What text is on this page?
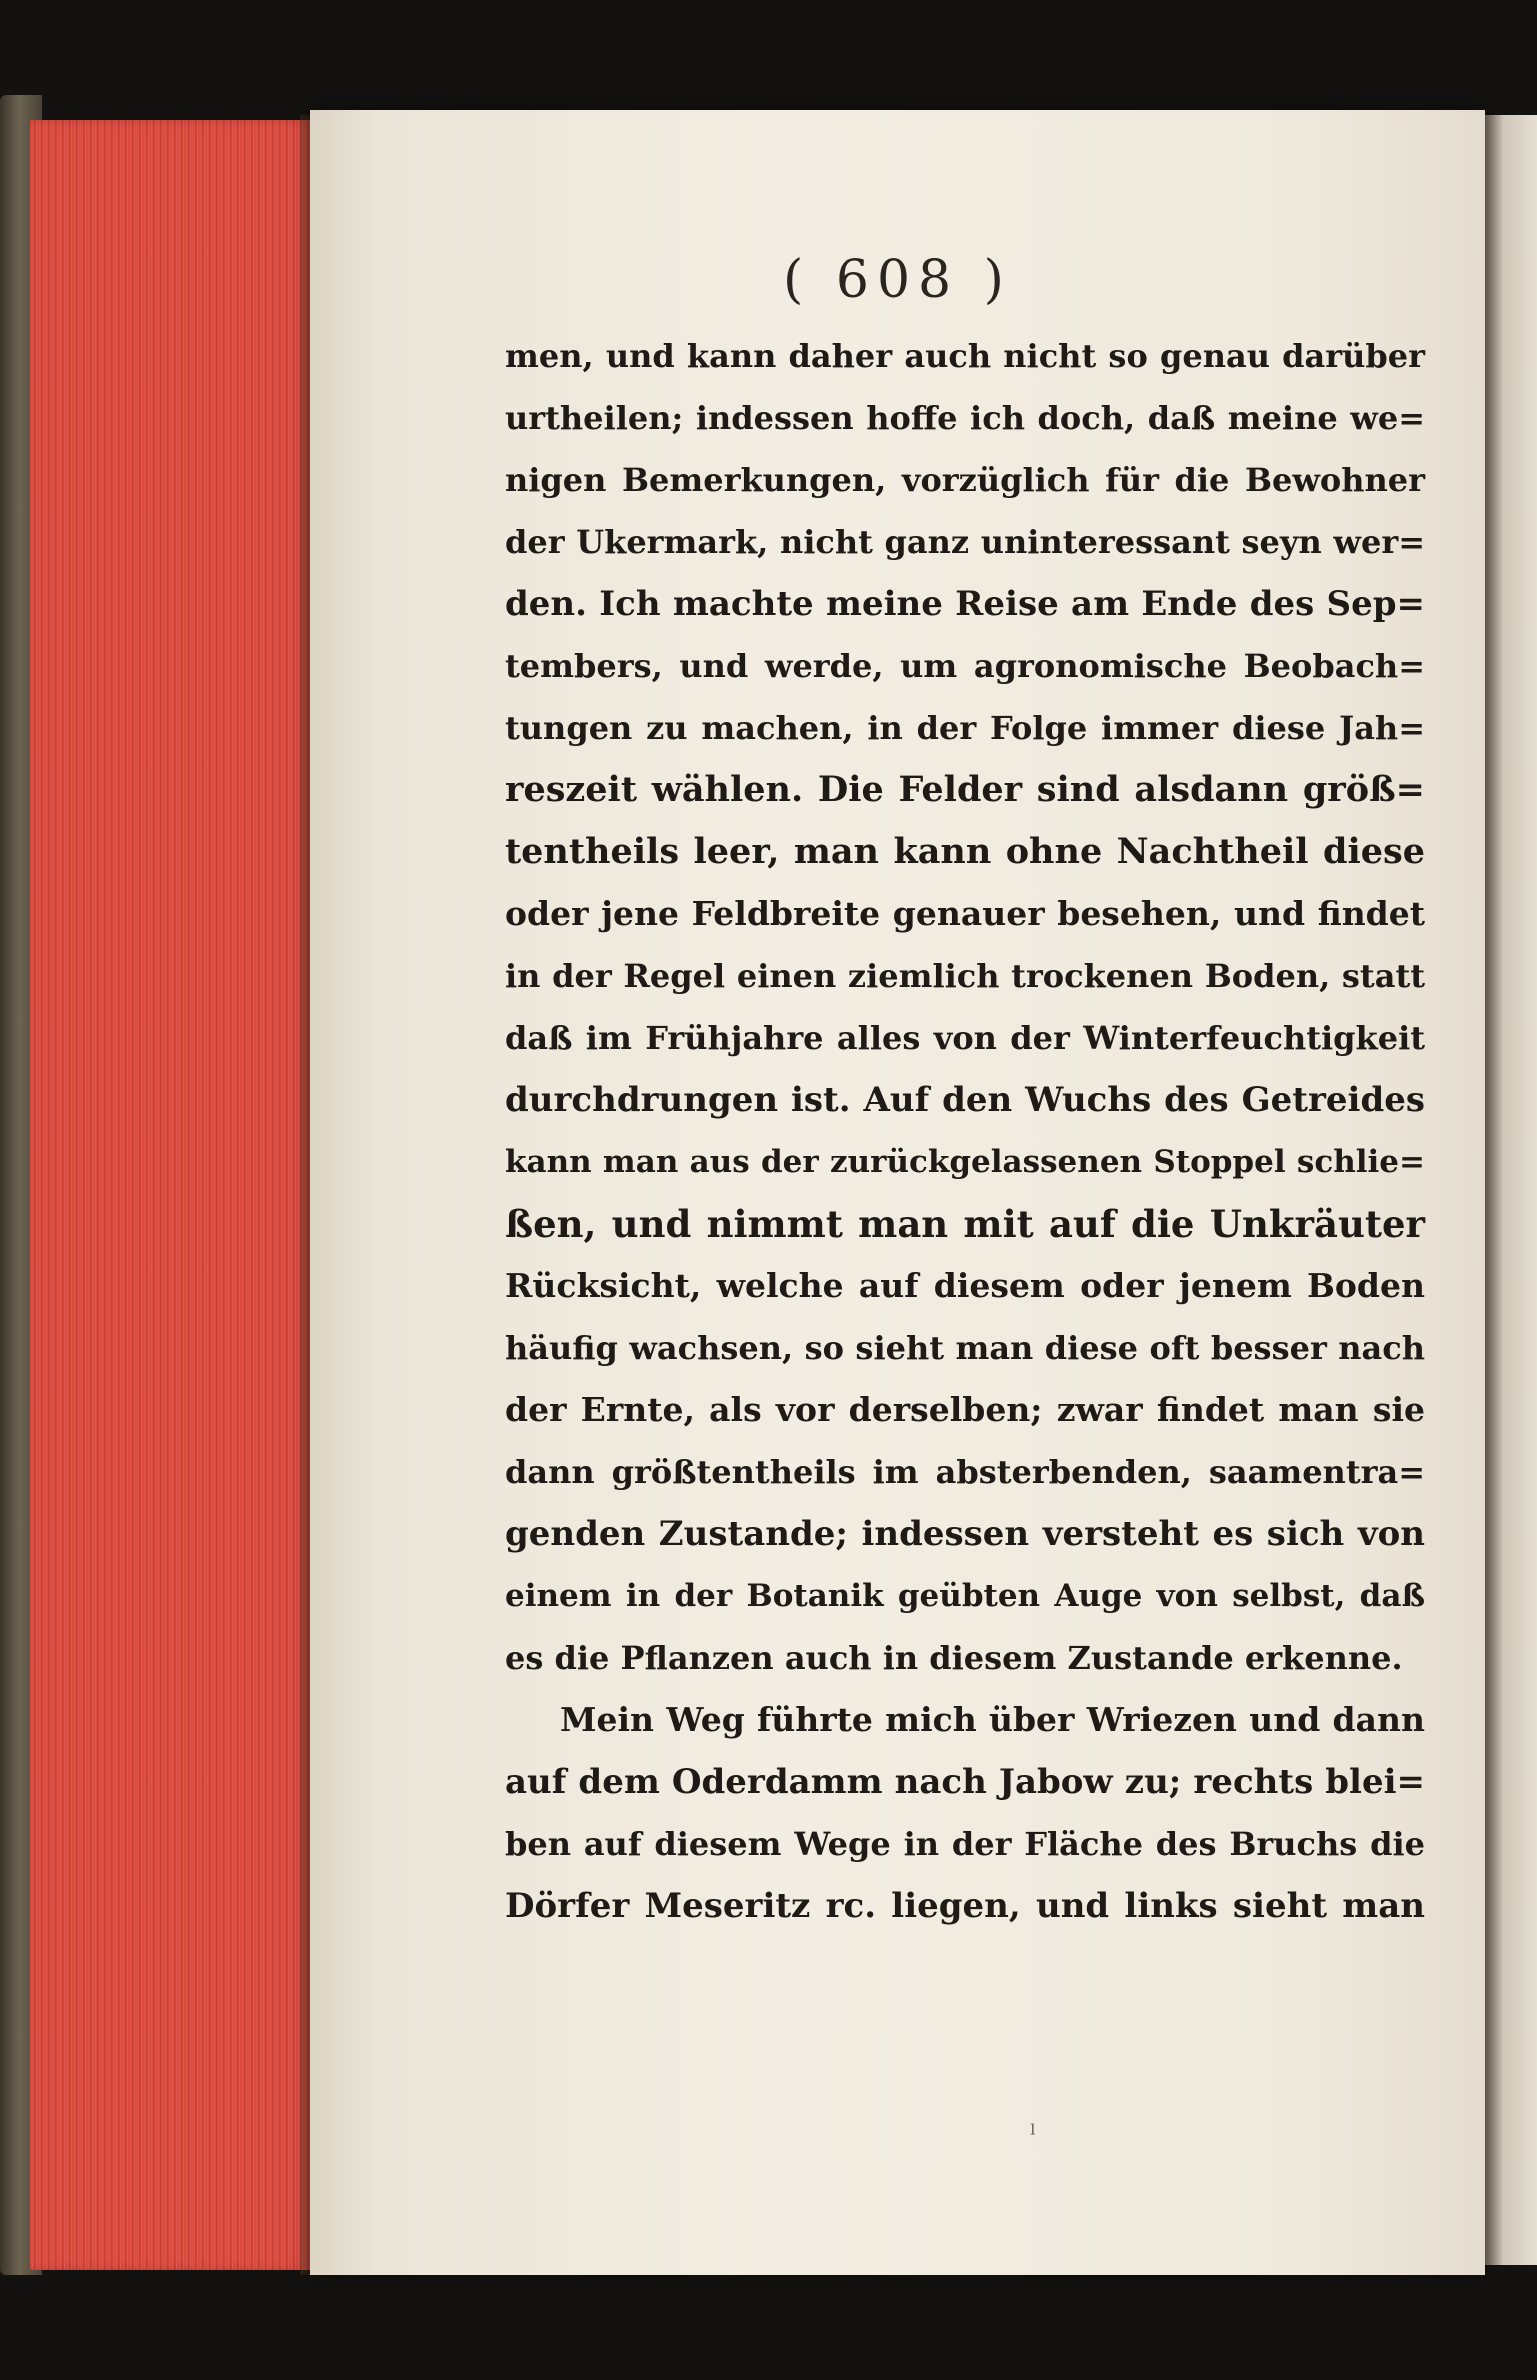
( 608 )
men, und kann daher auch nicht so genau darüber
urtheilen; indessen hoffe ich doch, daß meine we=
nigen Bemerkungen, vorzüglich für die Bewohner
der Ukermark, nicht ganz uninteressant seyn wer=
den. Ich machte meine Reise am Ende des Sep=
tembers, und werde, um agronomische Beobach=
tungen zu machen, in der Folge immer diese Jah=
reszeit wählen. Die Felder sind alsdann größ=
tentheils leer, man kann ohne Nachtheil diese
oder jene Feldbreite genauer besehen, und findet
in der Regel einen ziemlich trockenen Boden, statt
daß im Frühjahre alles von der Winterfeuchtigkeit
durchdrungen ist. Auf den Wuchs des Getreides
kann man aus der zurückgelassenen Stoppel schlie=
ßen, und nimmt man mit auf die Unkräuter
Rücksicht, welche auf diesem oder jenem Boden
häufig wachsen, so sieht man diese oft besser nach
der Ernte, als vor derselben; zwar findet man sie
dann größtentheils im absterbenden, saamentra=
genden Zustande; indessen versteht es sich von
einem in der Botanik geübten Auge von selbst, daß
es die Pflanzen auch in diesem Zustande erkenne.
Mein Weg führte mich über Wriezen und dann
auf dem Oderdamm nach Jabow zu; rechts blei=
ben auf diesem Wege in der Fläche des Bruchs die
Dörfer Meseritz rc. liegen, und links sieht man
ˡ
